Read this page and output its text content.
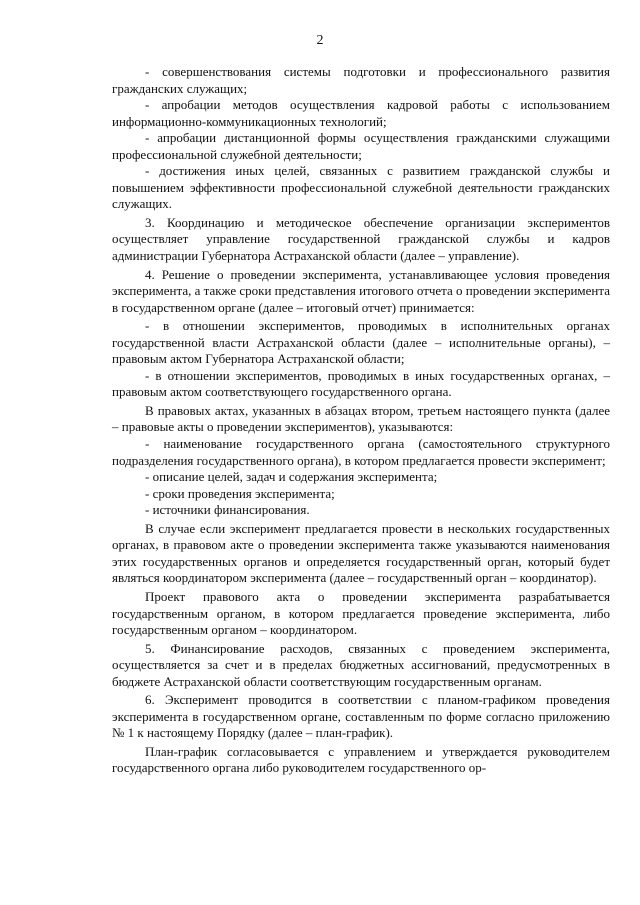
2

- совершенствования системы подготовки и профессионального развития гражданских служащих;

- апробации методов осуществления кадровой работы с использованием информационно-коммуникационных технологий;

- апробации дистанционной формы осуществления гражданскими служащими профессиональной служебной деятельности;

- достижения иных целей, связанных с развитием гражданской службы и повышением эффективности профессиональной служебной деятельности гражданских служащих.

3. Координацию и методическое обеспечение организации экспериментов осуществляет управление государственной гражданской службы и кадров администрации Губернатора Астраханской области (далее – управление).

4. Решение о проведении эксперимента, устанавливающее условия проведения эксперимента, а также сроки представления итогового отчета о проведении эксперимента в государственном органе (далее – итоговый отчет) принимается:

- в отношении экспериментов, проводимых в исполнительных органах государственной власти Астраханской области (далее – исполнительные органы), – правовым актом Губернатора Астраханской области;

- в отношении экспериментов, проводимых в иных государственных органах, – правовым актом соответствующего государственного органа.

В правовых актах, указанных в абзацах втором, третьем настоящего пункта (далее – правовые акты о проведении экспериментов), указываются:

- наименование государственного органа (самостоятельного структурного подразделения государственного органа), в котором предлагается провести эксперимент;

- описание целей, задач и содержания эксперимента;

- сроки проведения эксперимента;

- источники финансирования.

В случае если эксперимент предлагается провести в нескольких государственных органах, в правовом акте о проведении эксперимента также указываются наименования этих государственных органов и определяется государственный орган, который будет являться координатором эксперимента (далее – государственный орган – координатор).

Проект правового акта о проведении эксперимента разрабатывается государственным органом, в котором предлагается проведение эксперимента, либо государственным органом – координатором.

5. Финансирование расходов, связанных с проведением эксперимента, осуществляется за счет и в пределах бюджетных ассигнований, предусмотренных в бюджете Астраханской области соответствующим государственным органам.

6. Эксперимент проводится в соответствии с планом-графиком проведения эксперимента в государственном органе, составленным по форме согласно приложению № 1 к настоящему Порядку (далее – план-график).

План-график согласовывается с управлением и утверждается руководителем государственного органа либо руководителем государственного ор-
